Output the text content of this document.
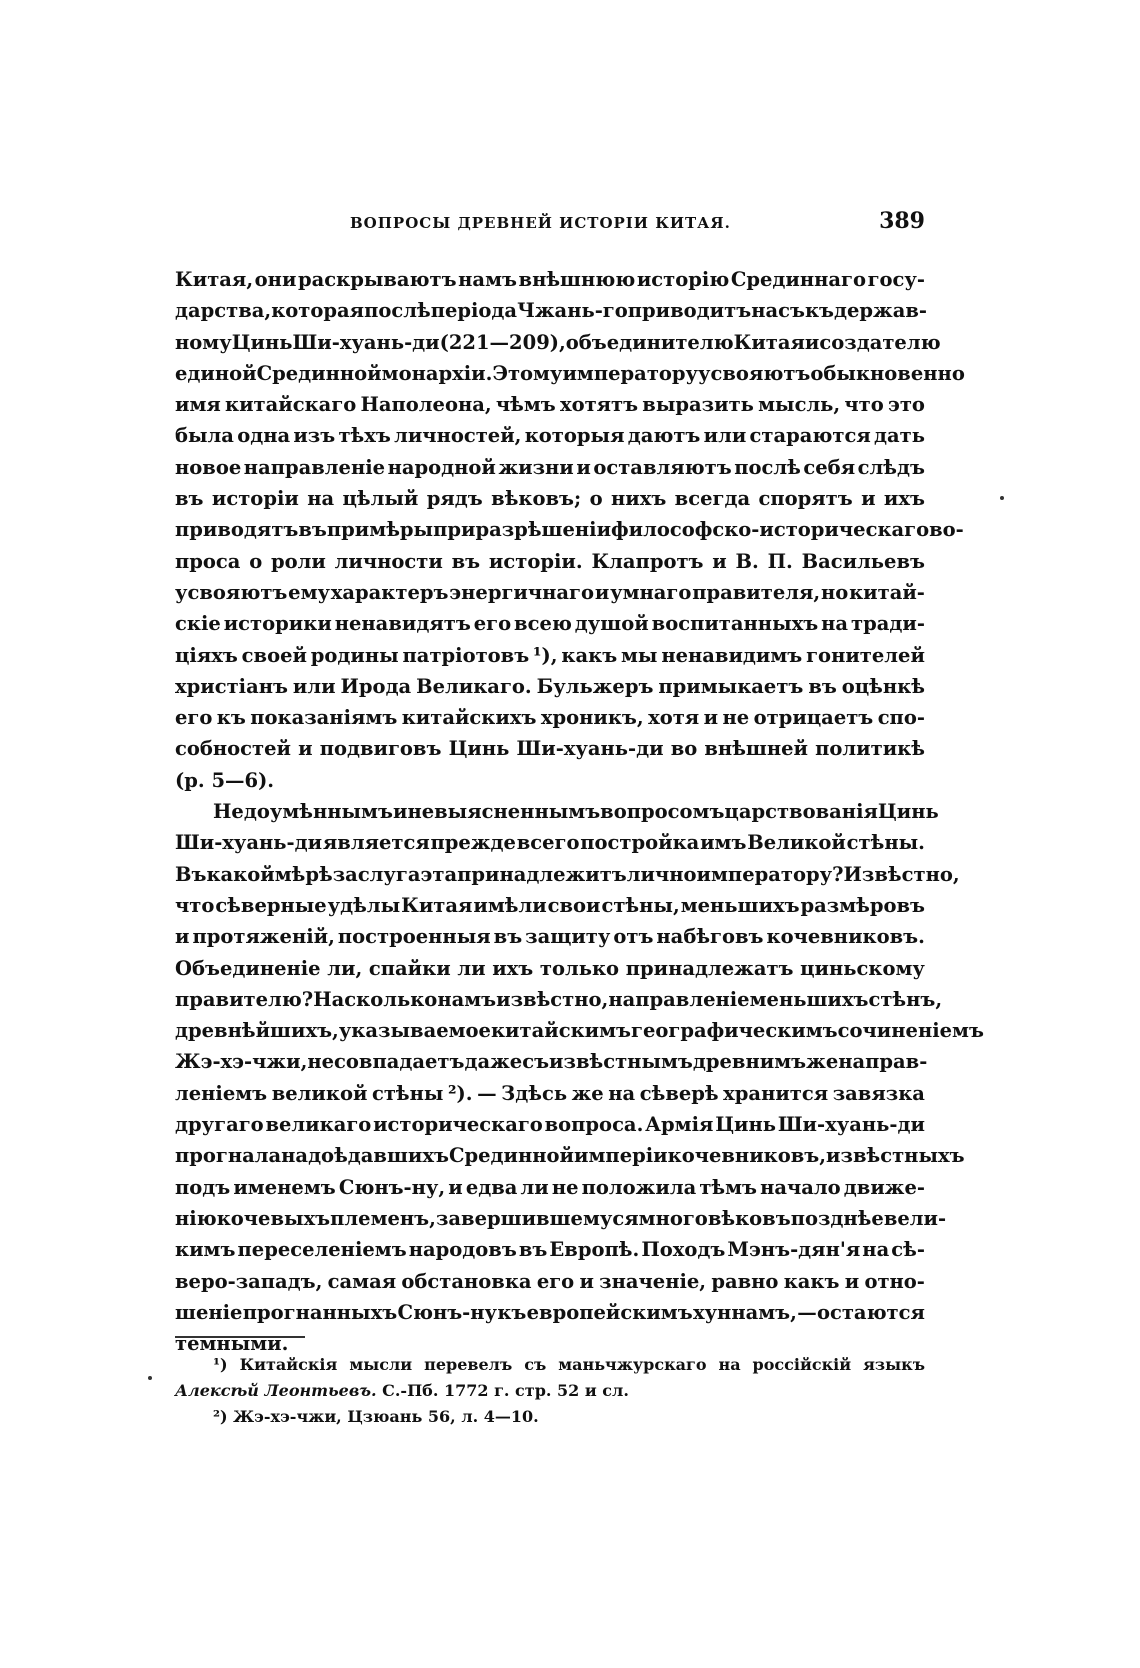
ВОПРОСЫ ДРЕВНЕЙ ИСТОРІИ КИТАЯ.	389
Китая, они раскрываютъ намъ внѣшнюю исторію Срединнаго госу-
дарства, которая послѣ періода Чжань-го приводитъ насъ къ держав-
ному Цинь Ши-хуань-ди (221—209), объединителю Китая и создателю
единой Срединной монархіи. Этому императору усвояютъ обыкновенно
имя китайскаго Наполеона, чѣмъ хотятъ выразить мысль, что это
была одна изъ тѣхъ личностей, которыя даютъ или стараются дать
новое направленіе народной жизни и оставляютъ послѣ себя слѣдъ
въ исторіи на цѣлый рядъ вѣковъ; о нихъ всегда спорятъ и ихъ
приводятъ въ примѣры при разрѣшеніи философско-историческаго во-
проса о роли личности въ исторіи. Клапротъ и В. П. Васильевъ
усвояютъ ему характеръ энергичнаго и умнаго правителя, но китай-
скіе историки ненавидятъ его всею душой воспитанныхъ на тради-
ціяхъ своей родины патріотовъ ¹), какъ мы ненавидимъ гонителей
христіанъ или Ирода Великаго. Бульжеръ примыкаетъ въ оцѣнкѣ
его къ показаніямъ китайскихъ хроникъ, хотя и не отрицаетъ спо-
собностей и подвиговъ Цинь Ши-хуань-ди во внѣшней политикѣ
(p. 5—6).
Недоумѣннымъ и невыясненнымъ вопросомъ царствованія Цинь
Ши-хуань-ди является прежде всего постройка имъ Великой стѣны.
Въ какой мѣрѣ заслуга эта принадлежитъ лично императору? Извѣстно,
что сѣверные удѣлы Китая имѣли свои стѣны, меньшихъ размѣровъ
и протяженій, построенныя въ защиту отъ набѣговъ кочевниковъ.
Объединеніе ли, спайки ли ихъ только принадлежатъ циньскому
правителю? На сколько намъ извѣстно, направленіе меньшихъ стѣнъ,
древнѣйшихъ, указываемое китайскимъ географическимъ сочиненіемъ
Жэ-хэ-чжи, не совпадаетъ даже съ извѣстнымъ древнимъ же направ-
леніемъ великой стѣны ²). — Здѣсь же на сѣверѣ хранится завязка
другаго великаго историческаго вопроса. Армія Цинь Ши-хуань-ди
прогнала надоѣдавшихъ Срединной имперіи кочевниковъ, извѣстныхъ
подъ именемъ Сюнъ-ну, и едва ли не положила тѣмъ начало движе-
нію кочевыхъ племенъ, завершившемуся много вѣковъ позднѣе вели-
кимъ переселеніемъ народовъ въ Европѣ. Походъ Мэнъ-дян'я на сѣ-
веро-западъ, самая обстановка его и значеніе, равно какъ и отно-
шеніе прогнанныхъ Сюнъ-ну къ европейскимъ хуннамъ, — остаются
темными.
¹) Китайскія мысли перевелъ съ маньчжурскаго на россійскій языкъ
Алексѣй
Леонтьевъ. С.-Пб. 1772 г. стр. 52 и сл.
²) Жэ-хэ-чжи, Цзюань 56, л. 4—10.
